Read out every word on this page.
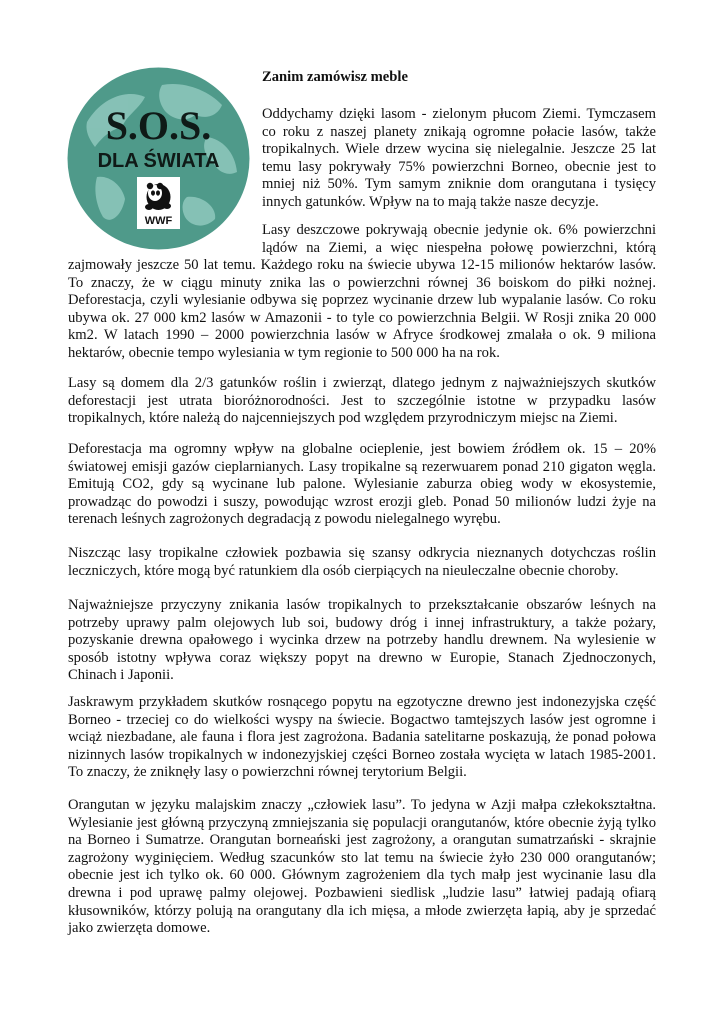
S.O.S.
DLA ŚWIATA
WWF
Zanim zamówisz meble
Oddychamy dzięki lasom - zielonym płucom Ziemi. Tymczasem
co roku z naszej planety znikają ogromne połacie lasów, także
tropikalnych. Wiele drzew wycina się nielegalnie. Jeszcze 25 lat
temu lasy pokrywały 75% powierzchni Borneo, obecnie jest to
mniej niż 50%. Tym samym zniknie dom orangutana i tysięcy
innych gatunków. Wpływ na to mają także nasze decyzje.
Lasy deszczowe pokrywają obecnie jedynie ok. 6% powierzchni
lądów na Ziemi, a więc niespełna połowę powierzchni, którą
zajmowały jeszcze 50 lat temu. Każdego roku na świecie ubywa 12-15 milionów hektarów lasów.
To znaczy, że w ciągu minuty znika las o powierzchni równej 36 boiskom do piłki nożnej.
Deforestacja, czyli wylesianie odbywa się poprzez wycinanie drzew lub wypalanie lasów. Co roku
ubywa ok. 27 000 km2 lasów w Amazonii - to tyle co powierzchnia Belgii. W Rosji znika 20 000
km2. W latach 1990 – 2000 powierzchnia lasów w Afryce środkowej zmalała o ok. 9 miliona
hektarów, obecnie tempo wylesiania w tym regionie to 500 000 ha na rok.
Lasy są domem dla 2/3 gatunków roślin i zwierząt, dlatego jednym z najważniejszych skutków
deforestacji jest utrata bioróżnorodności. Jest to szczególnie istotne w przypadku lasów
tropikalnych, które należą do najcenniejszych pod względem przyrodniczym miejsc na Ziemi.
Deforestacja ma ogromny wpływ na globalne ocieplenie, jest bowiem źródłem ok. 15 – 20%
światowej emisji gazów cieplarnianych. Lasy tropikalne są rezerwuarem ponad 210 gigaton węgla.
Emitują CO2, gdy są wycinane lub palone. Wylesianie zaburza obieg wody w ekosystemie,
prowadząc do powodzi i suszy, powodując wzrost erozji gleb. Ponad 50 milionów ludzi żyje na
terenach leśnych zagrożonych degradacją z powodu nielegalnego wyrębu.
Niszcząc lasy tropikalne człowiek pozbawia się szansy odkrycia nieznanych dotychczas roślin
leczniczych, które mogą być ratunkiem dla osób cierpiących na nieuleczalne obecnie choroby.
Najważniejsze przyczyny znikania lasów tropikalnych to przekształcanie obszarów leśnych na
potrzeby uprawy palm olejowych lub soi, budowy dróg i innej infrastruktury, a także pożary,
pozyskanie drewna opałowego i wycinka drzew na potrzeby handlu drewnem. Na wylesienie w
sposób istotny wpływa coraz większy popyt na drewno w Europie, Stanach Zjednoczonych,
Chinach i Japonii.
Jaskrawym przykładem skutków rosnącego popytu na egzotyczne drewno jest indonezyjska część
Borneo - trzeciej co do wielkości wyspy na świecie. Bogactwo tamtejszych lasów jest ogromne i
wciąż niezbadane, ale fauna i flora jest zagrożona. Badania satelitarne poskazują, że ponad połowa
nizinnych lasów tropikalnych w indonezyjskiej części Borneo została wycięta w latach 1985-2001.
To znaczy, że zniknęły lasy o powierzchni równej terytorium Belgii.
Orangutan w języku malajskim znaczy „człowiek lasu”. To jedyna w Azji małpa człekokształtna.
Wylesianie jest główną przyczyną zmniejszania się populacji orangutanów, które obecnie żyją tylko
na Borneo i Sumatrze. Orangutan borneański jest zagrożony, a orangutan sumatrzański - skrajnie
zagrożony wyginięciem. Według szacunków sto lat temu na świecie żyło 230 000 orangutanów;
obecnie jest ich tylko ok. 60 000. Głównym zagrożeniem dla tych małp jest wycinanie lasu dla
drewna i pod uprawę palmy olejowej. Pozbawieni siedlisk „ludzie lasu” łatwiej padają ofiarą
kłusowników, którzy polują na orangutany dla ich mięsa, a młode zwierzęta łapią, aby je sprzedać
jako zwierzęta domowe.
